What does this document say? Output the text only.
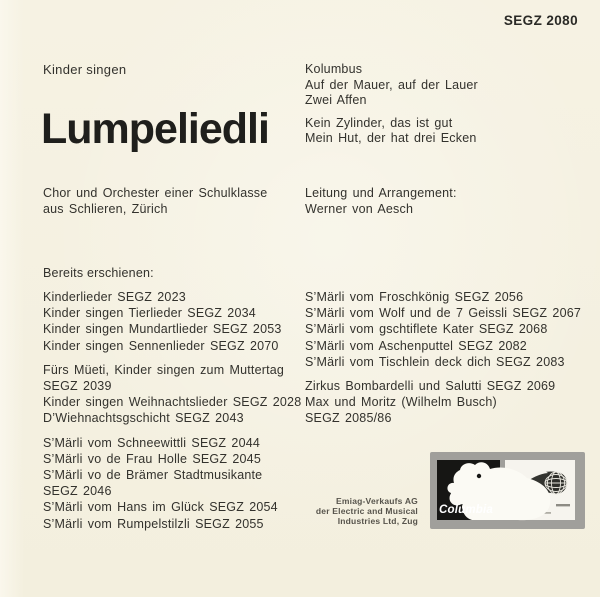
SEGZ 2080
Kinder singen
Lumpeliedli
Chor und Orchester einer Schulklasse
aus Schlieren, Zürich
Kolumbus
Auf der Mauer, auf der Lauer
Zwei Affen
Kein Zylinder, das ist gut
Mein Hut, der hat drei Ecken
Leitung und Arrangement:
Werner von Aesch
Bereits erschienen:
Kinderlieder SEGZ 2023
Kinder singen Tierlieder SEGZ 2034
Kinder singen Mundartlieder SEGZ 2053
Kinder singen Sennenlieder SEGZ 2070
Fürs Müeti, Kinder singen zum Muttertag
SEGZ 2039
Kinder singen Weihnachtslieder SEGZ 2028
D’Wiehnachtsgschicht SEGZ 2043
S’Märli vom Schneewittli SEGZ 2044
S’Märli vo de Frau Holle SEGZ 2045
S’Märli vo de Brämer Stadtmusikante
SEGZ 2046
S’Märli vom Hans im Glück SEGZ 2054
S’Märli vom Rumpelstilzli SEGZ 2055
S’Märli vom Froschkönig SEGZ 2056
S’Märli vom Wolf und de 7 Geissli SEGZ 2067
S’Märli vom gschtiflete Kater SEGZ 2068
S’Märli vom Aschenputtel SEGZ 2082
S’Märli vom Tischlein deck dich SEGZ 2083
Zirkus Bombardelli und Salutti SEGZ 2069
Max und Moritz (Wilhelm Busch)
SEGZ 2085/86
Emiag-Verkaufs AG
der Electric and Musical
Industries Ltd, Zug
Columbia
